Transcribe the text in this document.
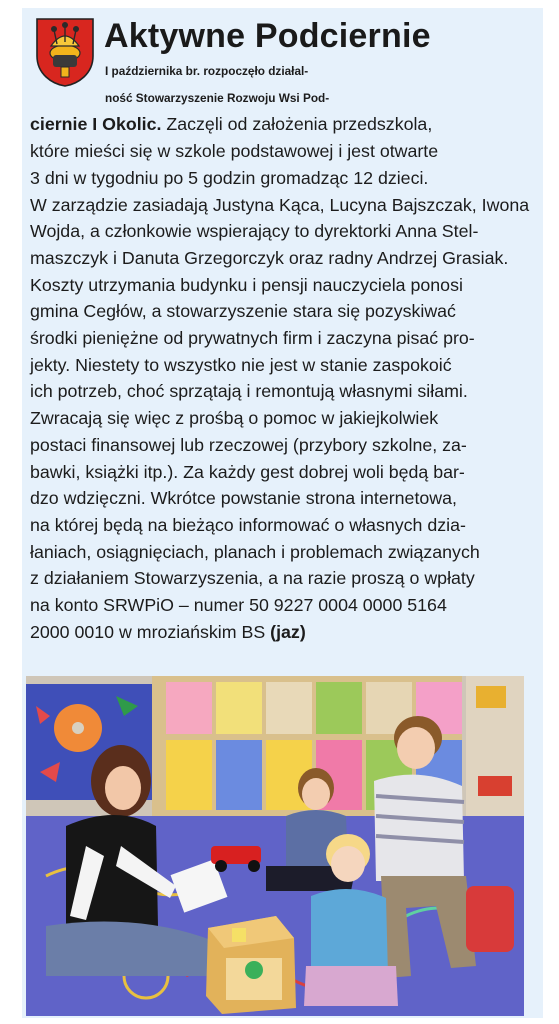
Aktywne Podciernie
I października br. rozpoczęło działal-
ność Stowarzyszenie Rozwoju Wsi Pod-
ciernie I Okolic. Zaczęli od założenia przedszkola,
które mieści się w szkole podstawowej i jest otwarte
3 dni w tygodniu po 5 godzin gromadząc 12 dzieci.
W zarządzie zasiadają Justyna Kąca, Lucyna Bajszczak, Iwona
Wojda, a członkowie wspierający to dyrektorki Anna Stel-
maszczyk i Danuta Grzegorczyk oraz radny Andrzej Grasiak.
Koszty utrzymania budynku i pensji nauczyciela ponosi
gmina Cegłów, a stowarzyszenie stara się pozyskiwać
środki pieniężne od prywatnych firm i zaczyna pisać pro-
jekty. Niestety to wszystko nie jest w stanie zaspokoić
ich potrzeb, choć sprzątają i remontują własnymi siłami.
Zwracają się więc z prośbą o pomoc w jakiejkolwiek
postaci finansowej lub rzeczowej (przybory szkolne, za-
bawki, książki itp.). Za każdy gest dobrej woli będą bar-
dzo wdzięczni. Wkrótce powstanie strona internetowa,
na której będą na bieżąco informować o własnych dzia-
łaniach, osiągnięciach, planach i problemach związanych
z działaniem Stowarzyszenia, a na razie proszą o wpłaty
na konto SRWPiO – numer 50 9227 0004 0000 5164
2000 0010 w mrozіańskim BS (jaz)
